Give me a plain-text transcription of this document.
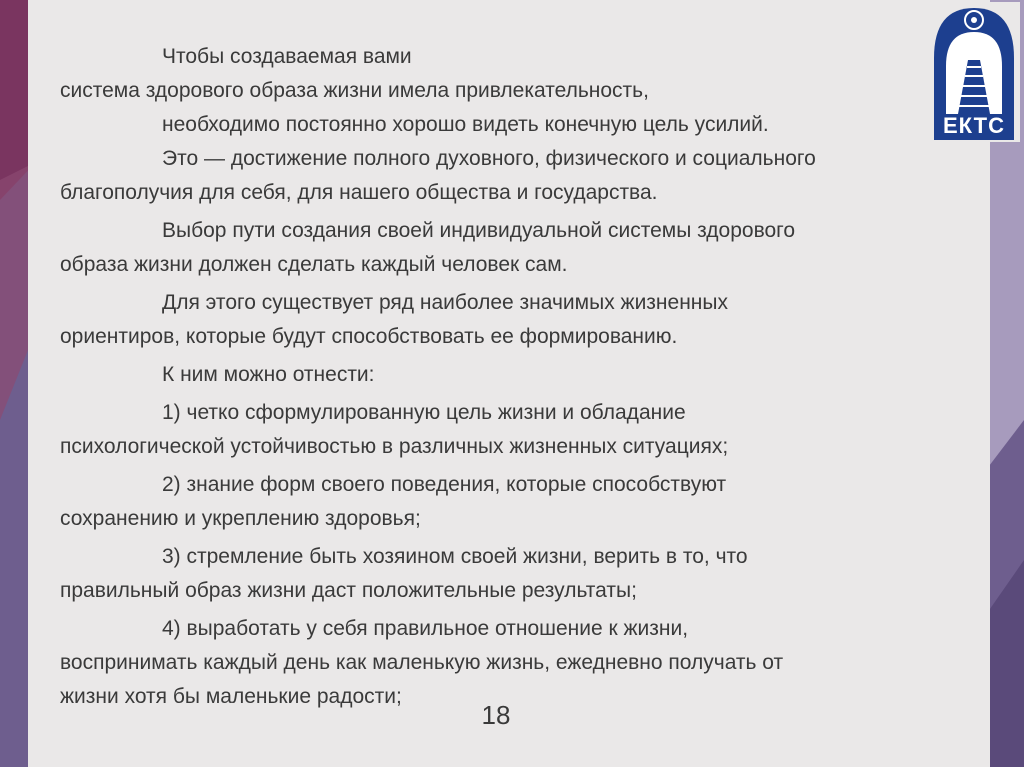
Чтобы создаваемая вами
система здорового образа жизни имела привлекательность,
необходимо постоянно хорошо видеть конечную цель усилий.
Это — достижение полного духовного, физического и социального
благополучия для себя, для нашего общества и государства.
Выбор пути создания своей индивидуальной системы здорового
образа жизни должен сделать каждый человек сам.
Для этого существует ряд наиболее значимых жизненных
ориентиров, которые будут способствовать ее формированию.
К ним можно отнести:
1) четко сформулированную цель жизни и обладание
психологической устойчивостью в различных жизненных ситуациях;
2) знание форм своего поведения, которые способствуют
сохранению и укреплению здоровья;
3) стремление быть хозяином своей жизни, верить в то, что
правильный образ жизни даст положительные результаты;
4) выработать у себя правильное отношение к жизни,
воспринимать каждый день как маленькую жизнь, ежедневно получать от
жизни хотя бы маленькие радости;
18
ЕКТС
